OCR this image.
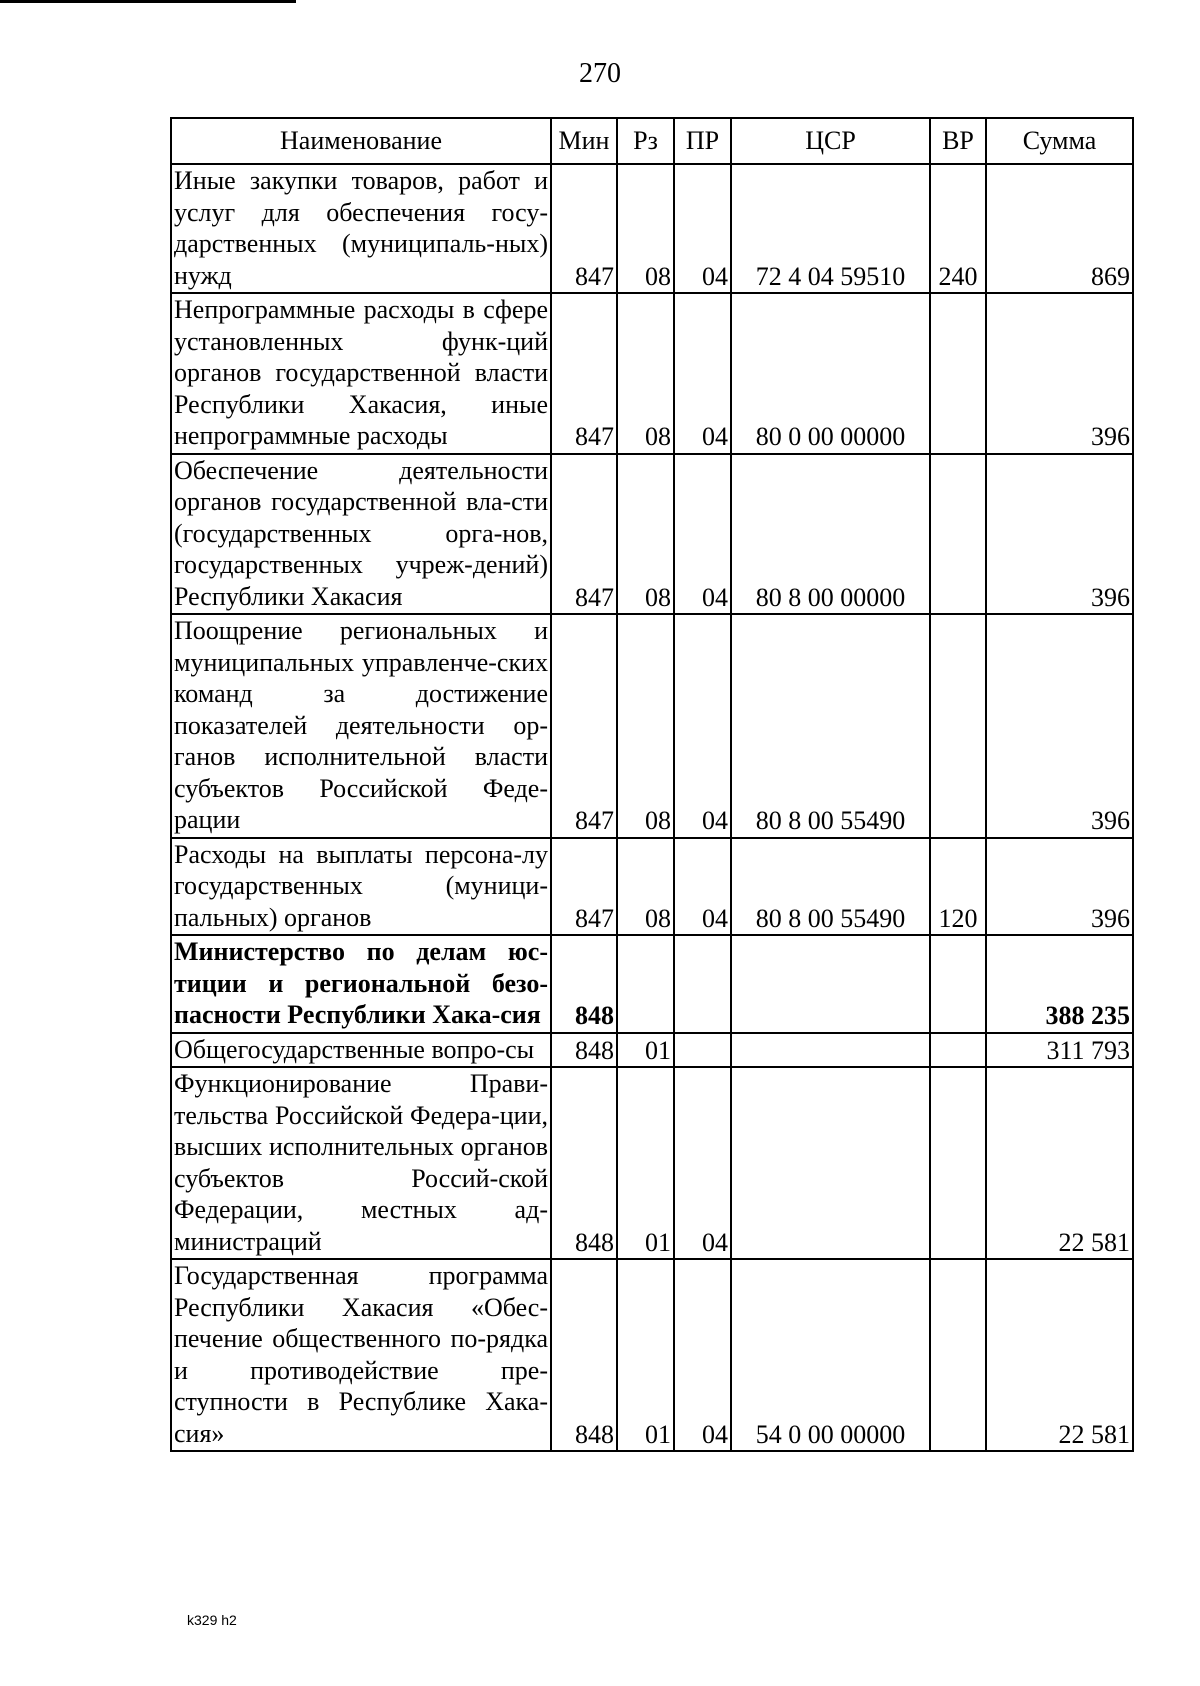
270
Наименование	Мин	Рз	ПР	ЦСР	ВР	Сумма
Иные закупки товаров, работ и услуг для обеспечения госу-дарственных (муниципаль-ных) нужд	847	08	04	72 4 04 59510	240	869
Непрограммные расходы в сфере установленных функ-ций органов государственной власти Республики Хакасия, иные непрограммные расходы	847	08	04	80 0 00 00000		396
Обеспечение деятельности органов государственной вла-сти (государственных орга-нов, государственных учреж-дений) Республики Хакасия	847	08	04	80 8 00 00000		396
Поощрение региональных и муниципальных управленче-ских команд за достижение показателей деятельности ор-ганов исполнительной власти субъектов Российской Феде-рации	847	08	04	80 8 00 55490		396
Расходы на выплаты персона-лу государственных (муници-пальных) органов	847	08	04	80 8 00 55490	120	396
Министерство по делам юс-тиции и региональной безо-пасности Республики Хака-сия	848					388 235
Общегосударственные вопро-сы	848	01				311 793
Функционирование Прави-тельства Российской Федера-ции, высших исполнительных органов субъектов Россий-ской Федерации, местных ад-министраций	848	01	04			22 581
Государственная программа Республики Хакасия «Обес-печение общественного по-рядка и противодействие пре-ступности в Республике Хака-сия»	848	01	04	54 0 00 00000		22 581
k329 h2
